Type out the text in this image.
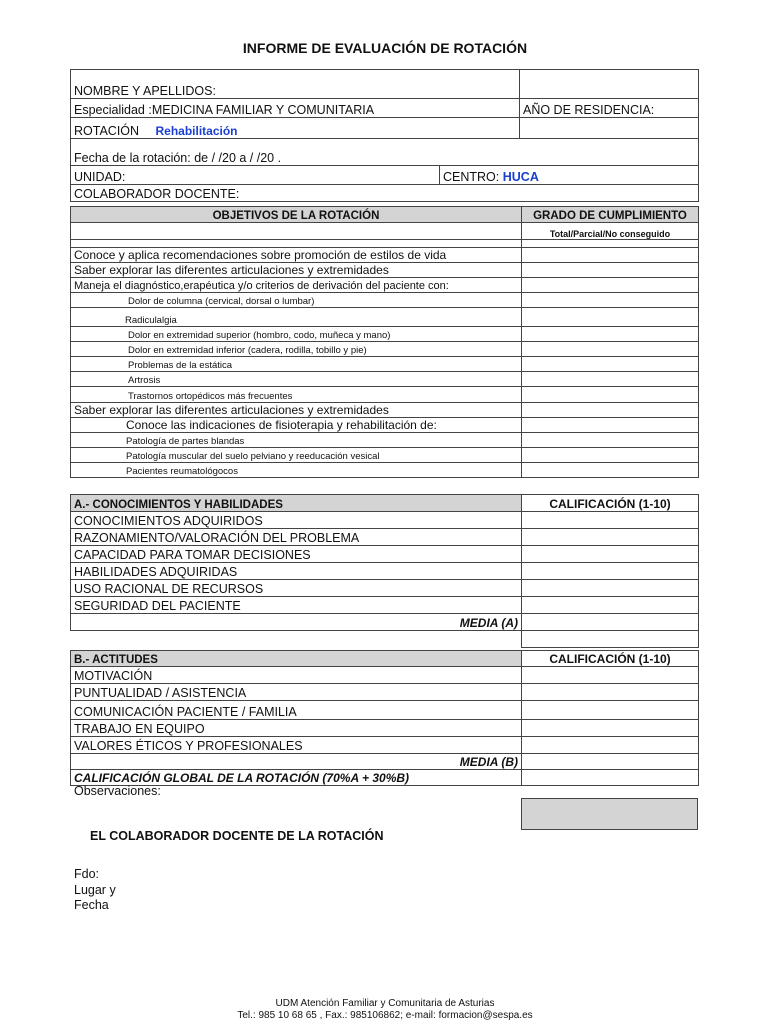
INFORME DE EVALUACIÓN DE ROTACIÓN
NOMBRE Y APELLIDOS:			
Especialidad :MEDICINA FAMILIAR Y COMUNITARIA			AÑO DE RESIDENCIA:
ROTACIÓN	Rehabilitación		
Fecha de la rotación: de / /20 a / /20 .			
UNIDAD:		CENTRO: HUCA	
COLABORADOR DOCENTE:			
OBJETIVOS DE LA ROTACIÓN	GRADO DE CUMPLIMIENTO
	Total/Parcial/No conseguido

Conoce y aplica recomendaciones sobre promoción de estilos de vida	
Saber explorar las diferentes articulaciones y extremidades	
Maneja el diagnóstico,erapéutica y/o criterios de derivación del paciente con:	
Dolor de columna (cervical, dorsal o lumbar)	
Radiculalgia	
Dolor en extremidad superior (hombro, codo, muñeca y mano)	
Dolor en extremidad inferior (cadera, rodilla, tobillo y pie)	
Problemas de la estática	
Artrosis	
Trastornos ortopédicos más frecuentes	
Saber explorar las diferentes articulaciones y extremidades	
Conoce las indicaciones de fisioterapia y rehabilitación de:	
Patología de partes blandas	
Patología muscular del suelo pelviano y reeducación vesical	
Pacientes reumatológocos	
A.- CONOCIMIENTOS Y HABILIDADES	CALIFICACIÓN (1-10)
CONOCIMIENTOS ADQUIRIDOS	
RAZONAMIENTO/VALORACIÓN DEL PROBLEMA	
CAPACIDAD PARA TOMAR DECISIONES	
HABILIDADES ADQUIRIDAS	
USO RACIONAL DE RECURSOS	
SEGURIDAD DEL PACIENTE	
MEDIA (A)	

B.- ACTITUDES	CALIFICACIÓN (1-10)
MOTIVACIÓN	
PUNTUALIDAD / ASISTENCIA	
COMUNICACIÓN PACIENTE / FAMILIA	
TRABAJO EN EQUIPO	
VALORES ÉTICOS Y PROFESIONALES	
MEDIA (B)	
CALIFICACIÓN GLOBAL DE LA ROTACIÓN (70%A + 30%B)	
Observaciones:
EL COLABORADOR DOCENTE DE LA ROTACIÓN
Fdo:
Lugar y
Fecha
UDM Atención Familiar y Comunitaria de Asturias
Tel.: 985 10 68 65 , Fax.: 985106862; e-mail: formacion@sespa.es
